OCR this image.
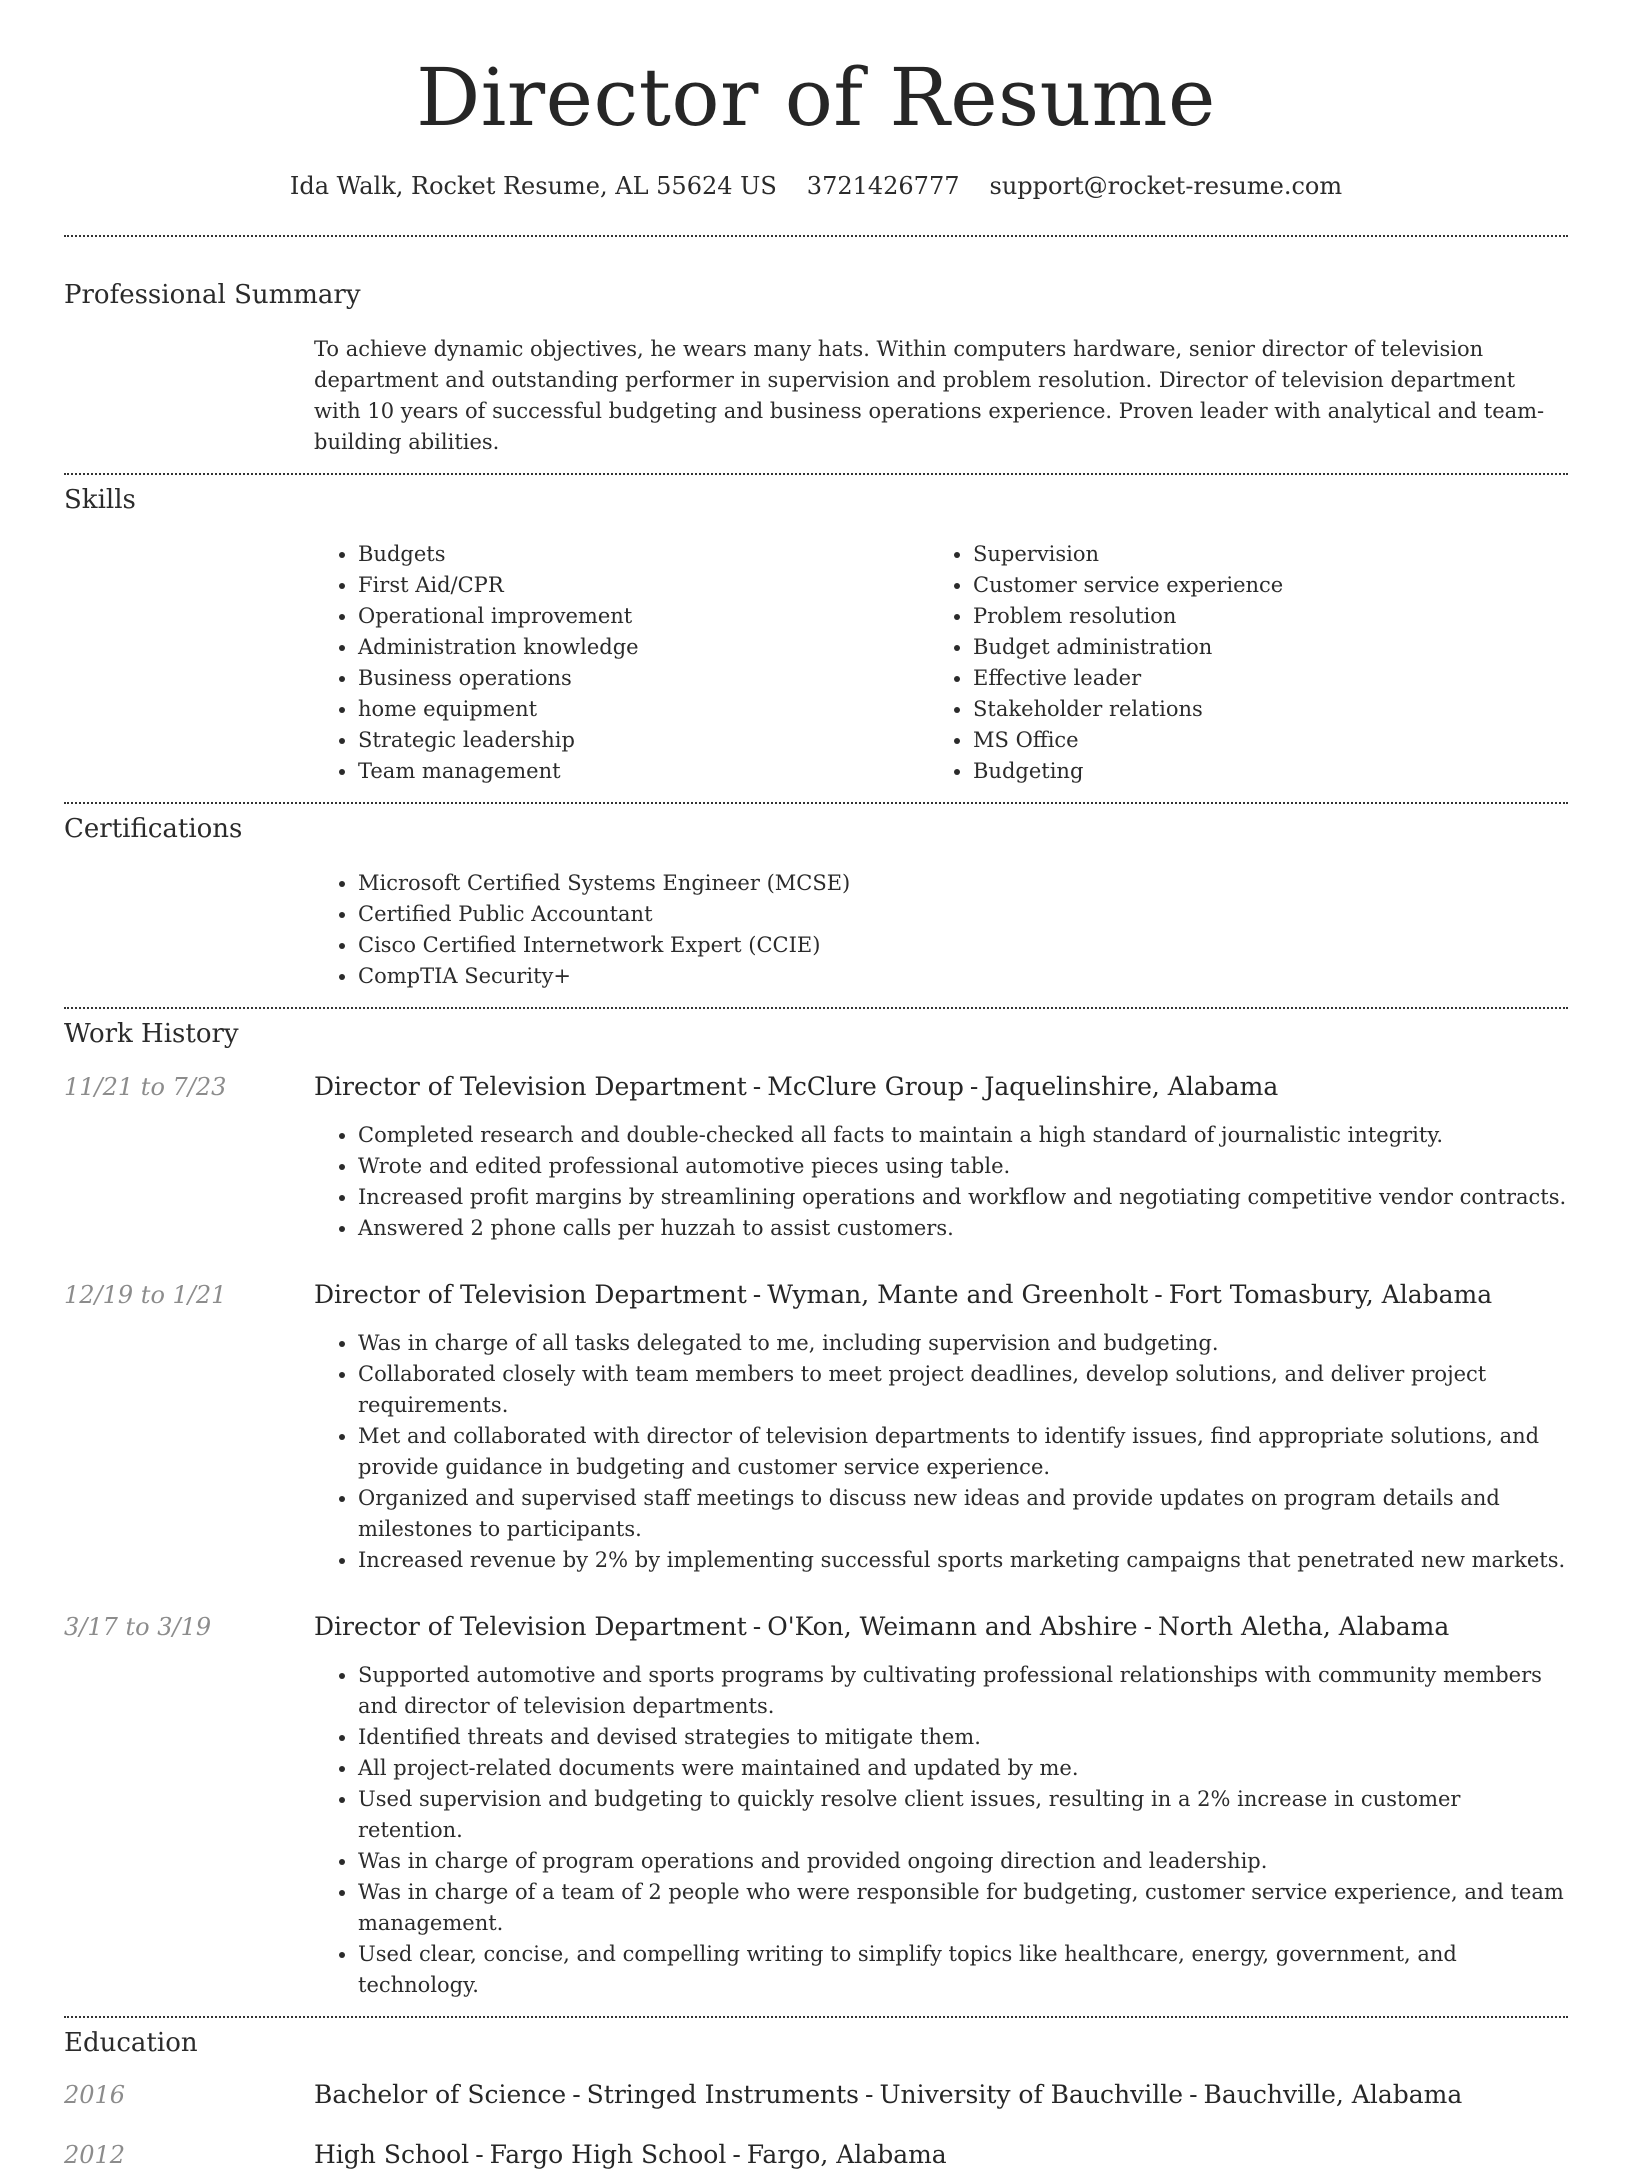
Director of Resume
Ida Walk, Rocket Resume, AL 55624 US 3721426777 support@rocket-resume.com
Professional Summary

To achieve dynamic objectives, he wears many hats. Within computers hardware, senior director of television department and outstanding performer in supervision and problem resolution. Director of television department with 10 years of successful budgeting and business operations experience. Proven leader with analytical and team-building abilities.

Skills
• Budgets
• First Aid/CPR
• Operational improvement
• Administration knowledge
• Business operations
• home equipment
• Strategic leadership
• Team management
• Supervision
• Customer service experience
• Problem resolution
• Budget administration
• Effective leader
• Stakeholder relations
• MS Office
• Budgeting
Certifications
• Microsoft Certified Systems Engineer (MCSE)
• Certified Public Accountant
• Cisco Certified Internetwork Expert (CCIE)
• CompTIA Security+
Work History
11/21 to 7/23	Director of Television Department - McClure Group - Jaquelinshire, Alabama
• Completed research and double-checked all facts to maintain a high standard of journalistic integrity.
• Wrote and edited professional automotive pieces using table.
• Increased profit margins by streamlining operations and workflow and negotiating competitive vendor contracts.
• Answered 2 phone calls per huzzah to assist customers.
12/19 to 1/21	Director of Television Department - Wyman, Mante and Greenholt - Fort Tomasbury, Alabama
• Was in charge of all tasks delegated to me, including supervision and budgeting.
• Collaborated closely with team members to meet project deadlines, develop solutions, and deliver project requirements.
• Met and collaborated with director of television departments to identify issues, find appropriate solutions, and provide guidance in budgeting and customer service experience.
• Organized and supervised staff meetings to discuss new ideas and provide updates on program details and milestones to participants.
• Increased revenue by 2% by implementing successful sports marketing campaigns that penetrated new markets.
3/17 to 3/19	Director of Television Department - O'Kon, Weimann and Abshire - North Aletha, Alabama
• Supported automotive and sports programs by cultivating professional relationships with community members and director of television departments.
• Identified threats and devised strategies to mitigate them.
• All project-related documents were maintained and updated by me.
• Used supervision and budgeting to quickly resolve client issues, resulting in a 2% increase in customer retention.
• Was in charge of program operations and provided ongoing direction and leadership.
• Was in charge of a team of 2 people who were responsible for budgeting, customer service experience, and team management.
• Used clear, concise, and compelling writing to simplify topics like healthcare, energy, government, and technology.
Education
2016	Bachelor of Science - Stringed Instruments - University of Bauchville - Bauchville, Alabama
2012	High School - Fargo High School - Fargo, Alabama
